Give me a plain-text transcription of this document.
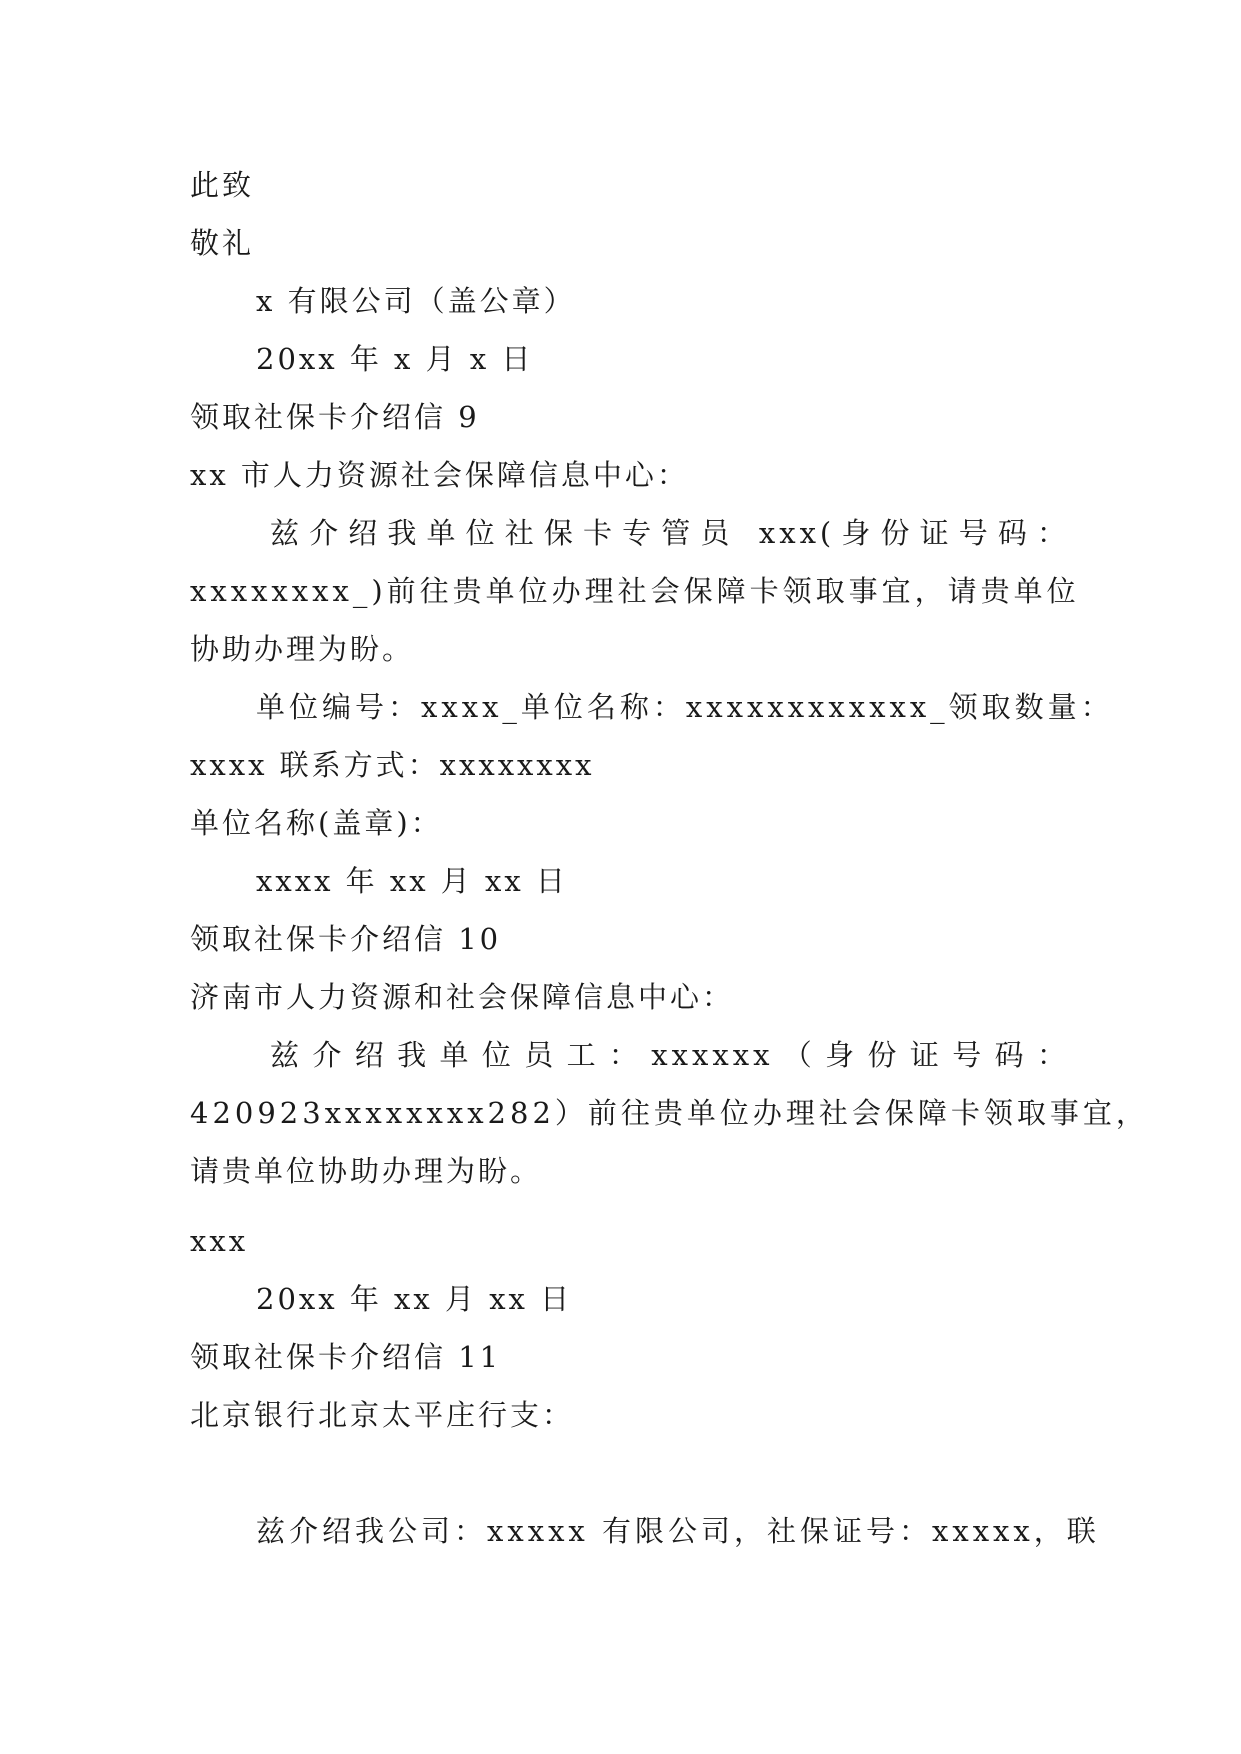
此致
敬礼
x 有限公司（盖公章）
20xx 年 x 月 x 日
领取社保卡介绍信 9
xx 市人力资源社会保障信息中心：
兹介绍我单位社保卡专管员 xxx(身份证号码：
xxxxxxxx_)前往贵单位办理社会保障卡领取事宜，请贵单位
协助办理为盼。
单位编号：xxxx_单位名称：xxxxxxxxxxxx_领取数量：
xxxx 联系方式：xxxxxxxx
单位名称(盖章)：
xxxx 年 xx 月 xx 日
领取社保卡介绍信 10
济南市人力资源和社会保障信息中心：
兹介绍我单位员工：xxxxxx（身份证号码：
420923xxxxxxxx282）前往贵单位办理社会保障卡领取事宜，
请贵单位协助办理为盼。
xxx
20xx 年 xx 月 xx 日
领取社保卡介绍信 11
北京银行北京太平庄行支：
兹介绍我公司：xxxxx 有限公司，社保证号：xxxxx，联
